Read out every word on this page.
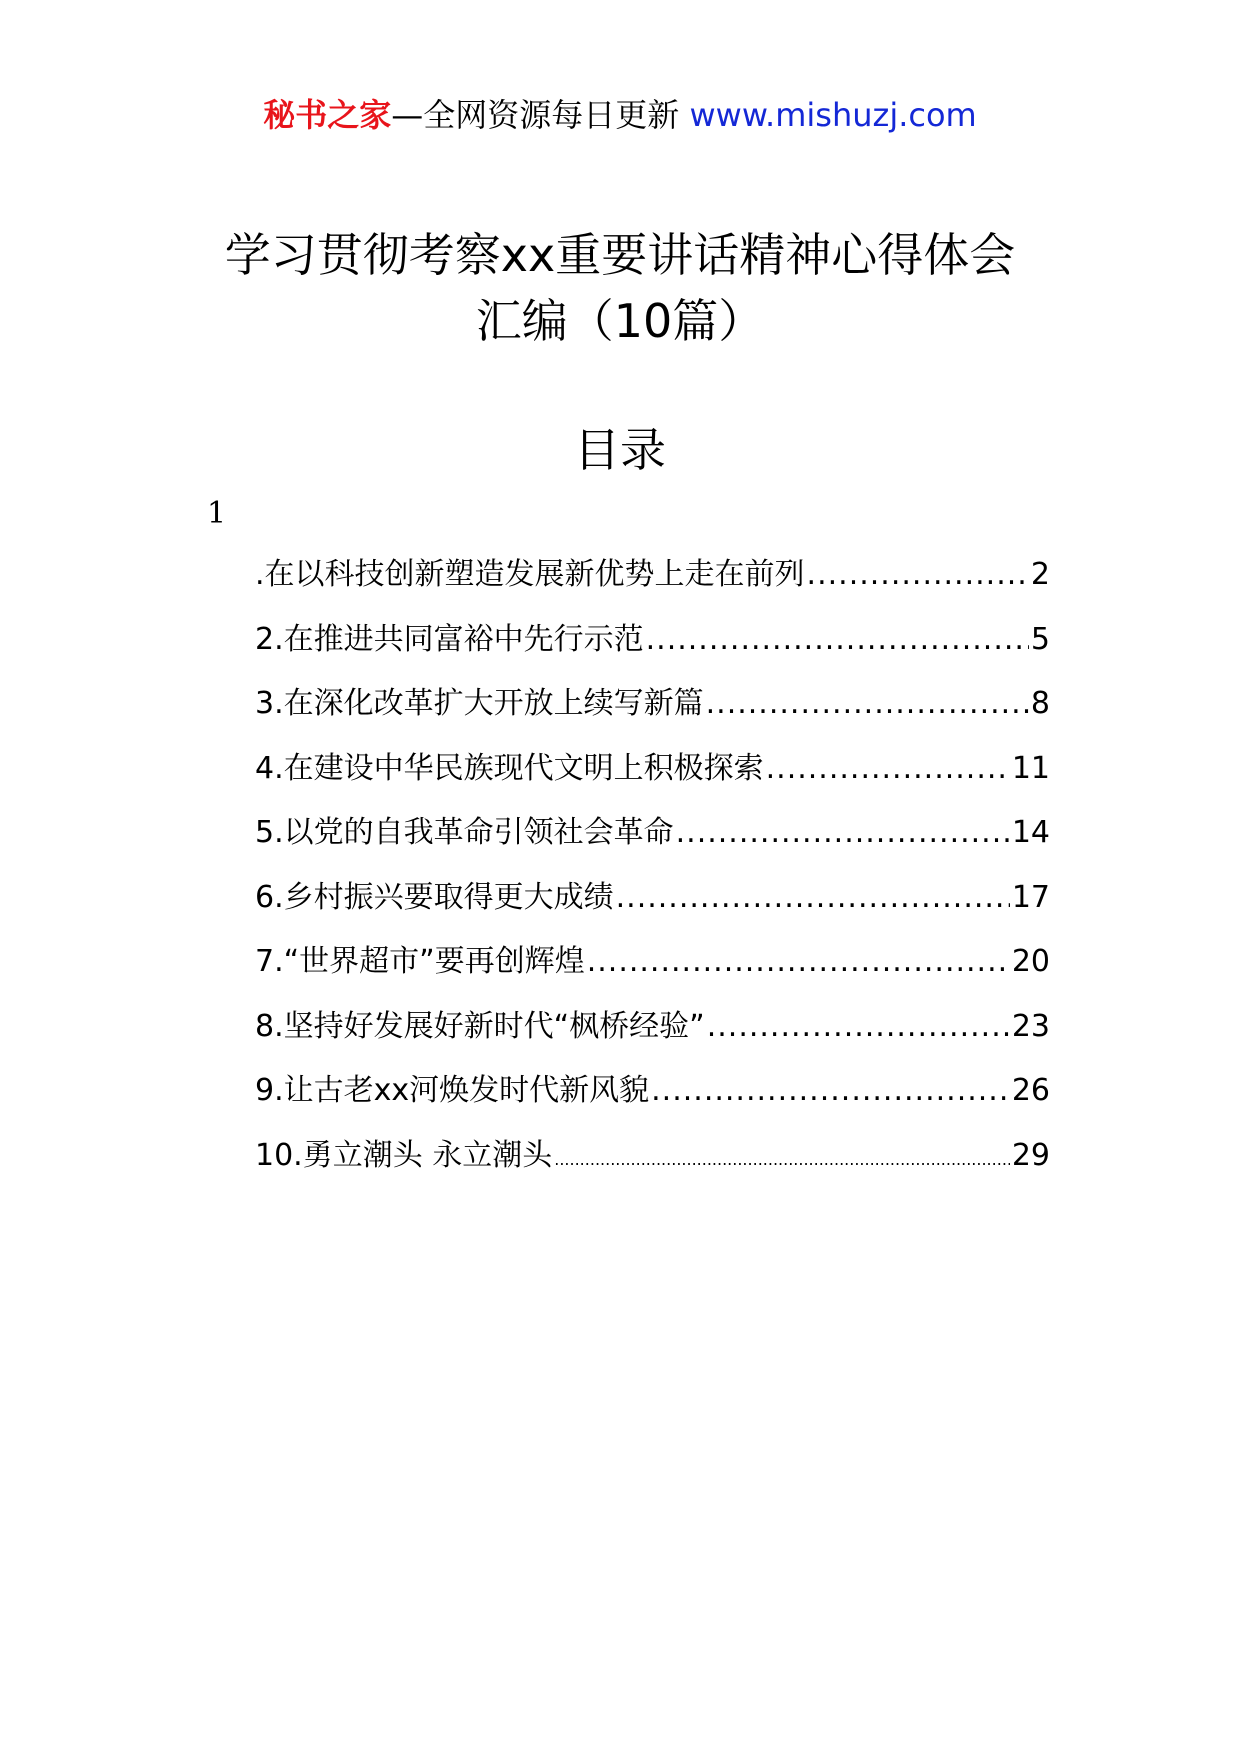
秘书之家—全网资源每日更新 www.mishuzj.com
学习贯彻考察xx重要讲话精神心得体会
汇编（10篇）
目录
1
.在以科技创新塑造发展新优势上走在前列 .....	2
2.在推进共同富裕中先行示范 .....	5
3.在深化改革扩大开放上续写新篇 .....	8
4.在建设中华民族现代文明上积极探索 .....	11
5.以党的自我革命引领社会革命 .....	14
6.乡村振兴要取得更大成绩 .....	17
7.“世界超市”要再创辉煌 .....	20
8.坚持好发展好新时代“枫桥经验” .....	23
9.让古老xx河焕发时代新风貌 .....	26
10.勇立潮头 永立潮头 .....	29
